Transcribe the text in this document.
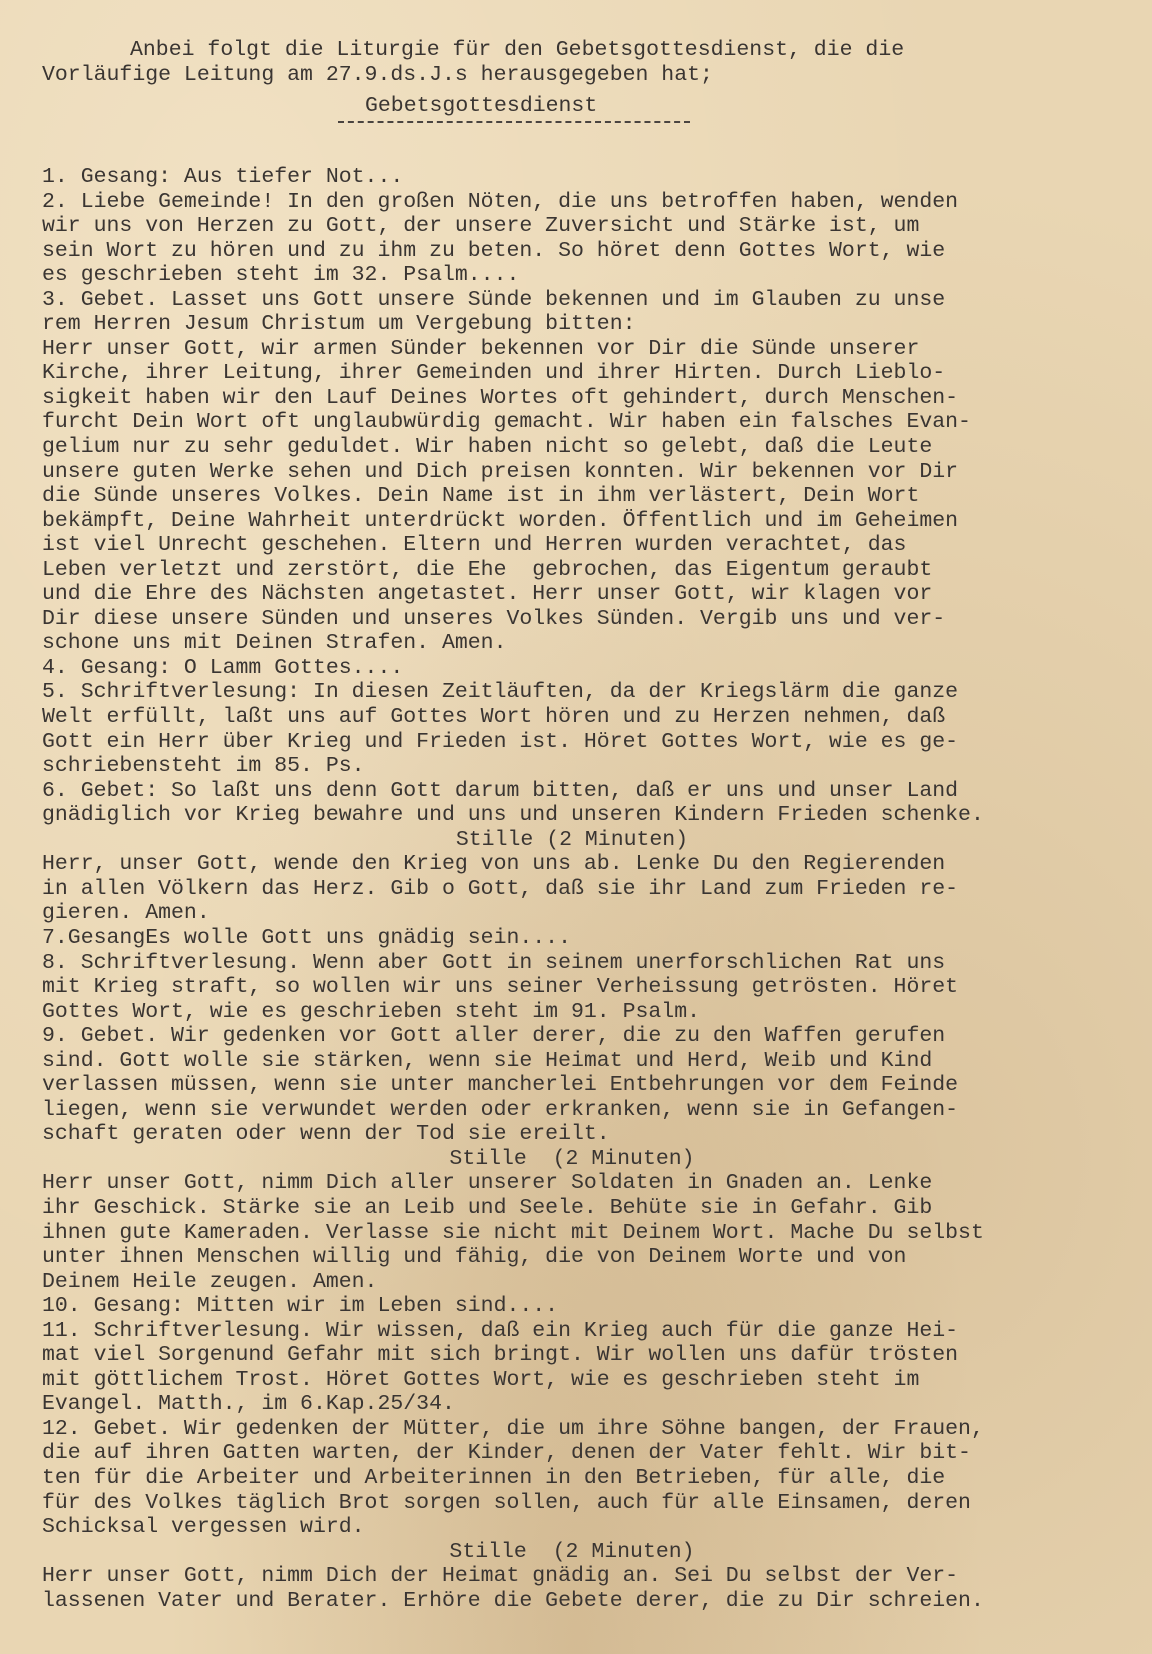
Anbei folgt die Liturgie für den Gebetsgottesdienst, die die
Vorläufige Leitung am 27.9.ds.J.s herausgegeben hat;
Gebetsgottesdienst
1. Gesang: Aus tiefer Not...
2. Liebe Gemeinde! In den großen Nöten, die uns betroffen haben, wenden
wir uns von Herzen zu Gott, der unsere Zuversicht und Stärke ist, um
sein Wort zu hören und zu ihm zu beten. So höret denn Gottes Wort, wie
es geschrieben steht im 32. Psalm....
3. Gebet. Lasset uns Gott unsere Sünde bekennen und im Glauben zu unse
rem Herren Jesum Christum um Vergebung bitten:
Herr unser Gott, wir armen Sünder bekennen vor Dir die Sünde unserer
Kirche, ihrer Leitung, ihrer Gemeinden und ihrer Hirten. Durch Lieblo-
sigkeit haben wir den Lauf Deines Wortes oft gehindert, durch Menschen-
furcht Dein Wort oft unglaubwürdig gemacht. Wir haben ein falsches Evan-
gelium nur zu sehr geduldet. Wir haben nicht so gelebt, daß die Leute
unsere guten Werke sehen und Dich preisen konnten. Wir bekennen vor Dir
die Sünde unseres Volkes. Dein Name ist in ihm verlästert, Dein Wort
bekämpft, Deine Wahrheit unterdrückt worden. Öffentlich und im Geheimen
ist viel Unrecht geschehen. Eltern und Herren wurden verachtet, das
Leben verletzt und zerstört, die Ehe  gebrochen, das Eigentum geraubt
und die Ehre des Nächsten angetastet. Herr unser Gott, wir klagen vor
Dir diese unsere Sünden und unseres Volkes Sünden. Vergib uns und ver-
schone uns mit Deinen Strafen. Amen.
4. Gesang: O Lamm Gottes....
5. Schriftverlesung: In diesen Zeitläuften, da der Kriegslärm die ganze
Welt erfüllt, laßt uns auf Gottes Wort hören und zu Herzen nehmen, daß
Gott ein Herr über Krieg und Frieden ist. Höret Gottes Wort, wie es ge-
schriebensteht im 85. Ps.
6. Gebet: So laßt uns denn Gott darum bitten, daß er uns und unser Land
gnädiglich vor Krieg bewahre und uns und unseren Kindern Frieden schenke.
Stille (2 Minuten)
Herr, unser Gott, wende den Krieg von uns ab. Lenke Du den Regierenden
in allen Völkern das Herz. Gib o Gott, daß sie ihr Land zum Frieden re-
gieren. Amen.
7.GesangEs wolle Gott uns gnädig sein....
8. Schriftverlesung. Wenn aber Gott in seinem unerforschlichen Rat uns
mit Krieg straft, so wollen wir uns seiner Verheissung getrösten. Höret
Gottes Wort, wie es geschrieben steht im 91. Psalm.
9. Gebet. Wir gedenken vor Gott aller derer, die zu den Waffen gerufen
sind. Gott wolle sie stärken, wenn sie Heimat und Herd, Weib und Kind
verlassen müssen, wenn sie unter mancherlei Entbehrungen vor dem Feinde
liegen, wenn sie verwundet werden oder erkranken, wenn sie in Gefangen-
schaft geraten oder wenn der Tod sie ereilt.
Stille  (2 Minuten)
Herr unser Gott, nimm Dich aller unserer Soldaten in Gnaden an. Lenke
ihr Geschick. Stärke sie an Leib und Seele. Behüte sie in Gefahr. Gib
ihnen gute Kameraden. Verlasse sie nicht mit Deinem Wort. Mache Du selbst
unter ihnen Menschen willig und fähig, die von Deinem Worte und von
Deinem Heile zeugen. Amen.
10. Gesang: Mitten wir im Leben sind....
11. Schriftverlesung. Wir wissen, daß ein Krieg auch für die ganze Hei-
mat viel Sorgenund Gefahr mit sich bringt. Wir wollen uns dafür trösten
mit göttlichem Trost. Höret Gottes Wort, wie es geschrieben steht im
Evangel. Matth., im 6.Kap.25/34.
12. Gebet. Wir gedenken der Mütter, die um ihre Söhne bangen, der Frauen,
die auf ihren Gatten warten, der Kinder, denen der Vater fehlt. Wir bit-
ten für die Arbeiter und Arbeiterinnen in den Betrieben, für alle, die
für des Volkes täglich Brot sorgen sollen, auch für alle Einsamen, deren
Schicksal vergessen wird.
Stille  (2 Minuten)
Herr unser Gott, nimm Dich der Heimat gnädig an. Sei Du selbst der Ver-
lassenen Vater und Berater. Erhöre die Gebete derer, die zu Dir schreien.
